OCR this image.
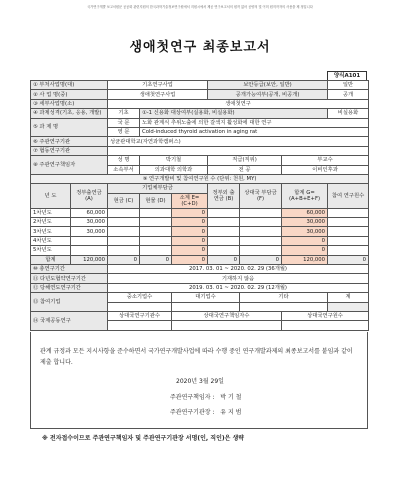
국가연구개발 보고서원문 공공화 관련지원의 한국과학기술정보연구원에서 지원시에서 제공 연구보고서의 원작 없어 공양의 및 이미 원저작자의 사용을 제 정입니다
생애첫연구 최종보고서
양식A101
① 부처사업명(대)		기초연구사업			보안등급(보안, 일반)			일반
② 사 업 명(중)		생애첫연구사업			공개가능여부(공개, 비공개)			공개
③ 세부사업명(소)		생애첫연구						
④ 과제성격(기초, 응용, 개발)		기초	①-1 신용화 대상여부(실용화, 비실용화)					비실용화
⑤ 과 제 명		국 문	노화 관계식 추위노출에 의한 갈색지 활성화에 대한 연구					
		영 문	Cold-induced thyroid activation in aging rat					
⑥ 주관연구기관		성균관대학교(자연과학캠퍼스)						
⑦ 협동연구기관								
⑧ 주관연구책임자		성 명	박기철		직급(직위)		부교수	
		소속부서	의과대학 의학과		전 공		이비인후과	
⑨ 연구개발비 및 참여연구원 수 (단위: 천원, MY)								
년 도	정부출연금 (A)	기업체부담금			정부외 출연금 (B)	상대국 부담금 (F)	합계 G=(A+B+E+F)	참여 연구원수
		현금 (C)	현물 (D)	소계 E=(C+D)				
1차년도	60,000			0			60,000	
2차년도	30,000			0			30,000	
3차년도	30,000			0			30,000	
4차년도				0			0	
5차년도				0			0	
합계	120,000	0	0	0	0	0	120,000	0
⑩ 총연구기간		2017. 03. 01 ~ 2020. 02. 29 (36개월)						
⑪ 다년도협약연구기간		기재하지 않음						
⑫ 당해연도연구기간		2019. 03. 01 ~ 2020. 02. 29 (12개월)						
⑬ 참여기업		중소기업수		대기업수		기타		계

⑭ 국제공동연구		상대국연구기관수		상대국연구책임자수			상대국연구원수	

관계 규정과 모든 지시사항을 준수하면서 국가연구개발사업에 따라 수행 중인 연구개발과제의 최종보고서를 붙임과 같이 제출 합니다.
2020년 3월 29일
주관연구책임자 : 박 기 철
주관연구기관장 : 유 지 범
※ 전자접수이므로 주관연구책임자 및 주관연구기관장 서명(인, 직인)은 생략
